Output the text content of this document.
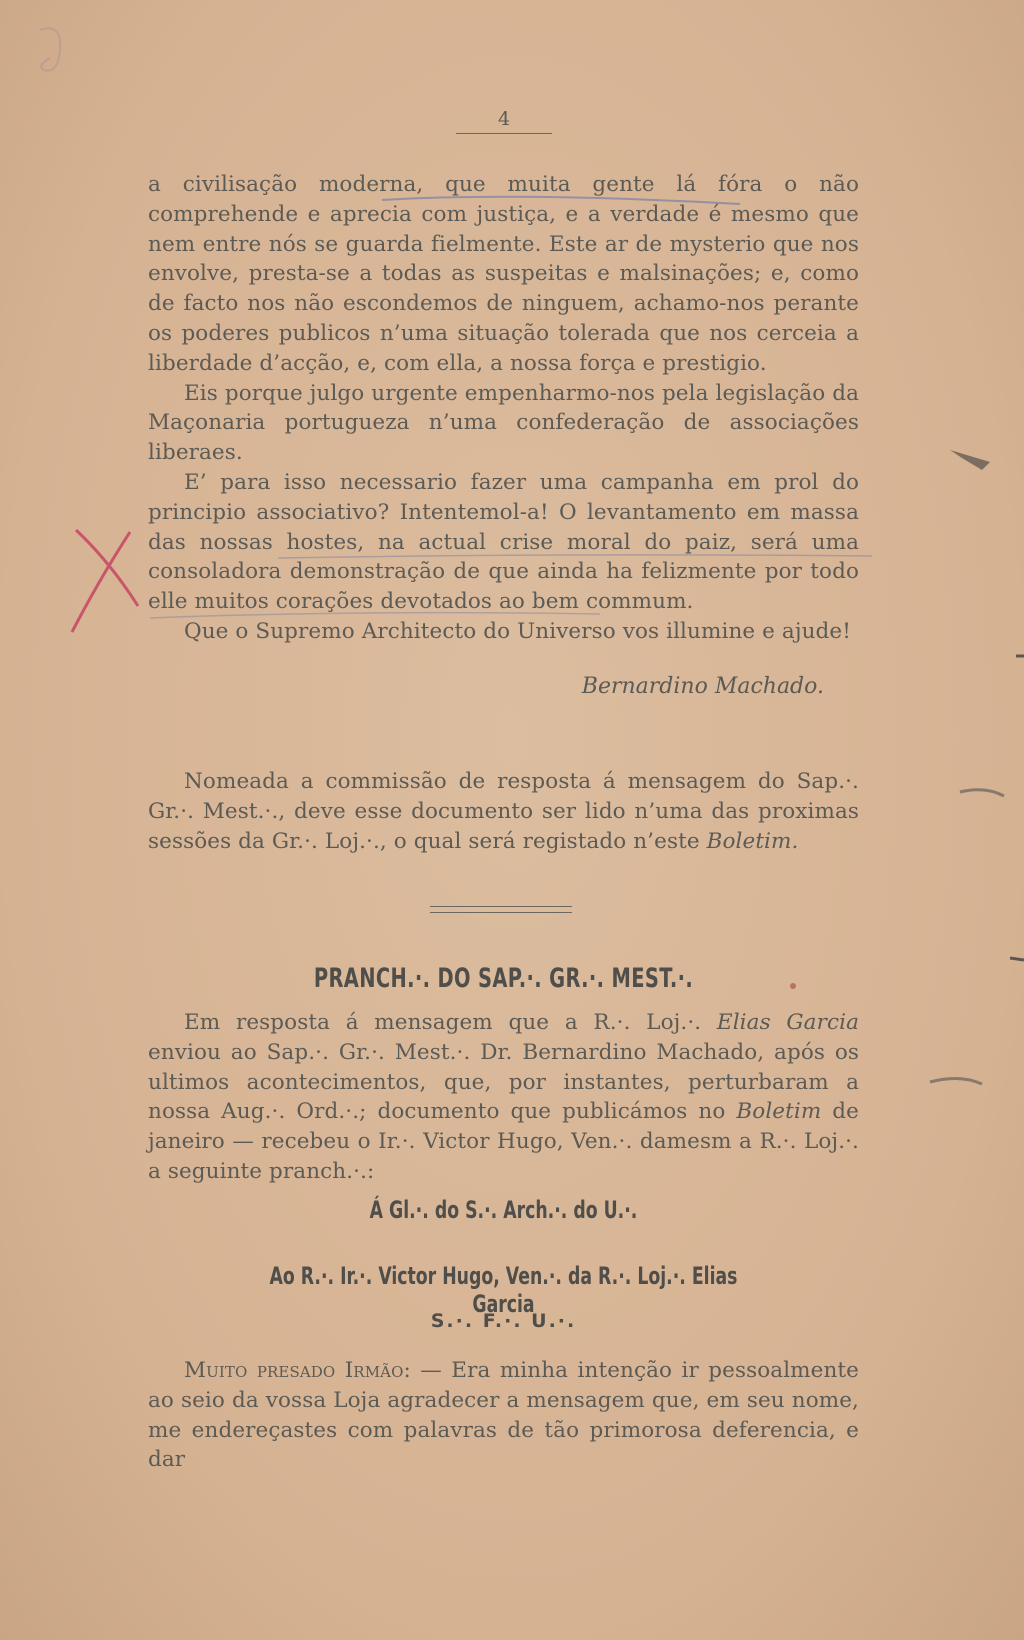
4

a civilisação moderna, que muita gente lá fóra o não comprehende e aprecia com justiça, e a verdade é mesmo que nem entre nós se guarda fielmente. Este ar de mysterio que nos envolve, presta-se a todas as suspeitas e malsinações; e, como de facto nos não escondemos de ninguem, achamo-nos perante os poderes publicos n’uma situação tolerada que nos cerceia a liberdade d’acção, e, com ella, a nossa força e prestigio.

Eis porque julgo urgente empenharmo-nos pela legislação da Maçonaria portugueza n’uma confederação de associações liberaes.

E’ para isso necessario fazer uma campanha em prol do principio associativo? Intentemol-a! O levantamento em massa das nossas hostes, na actual crise moral do paiz, será uma consoladora demonstração de que ainda ha felizmente por todo elle muitos corações devotados ao bem commum.

Que o Supremo Architecto do Universo vos illumine e ajude!

Bernardino Machado.

Nomeada a commissão de resposta á mensagem do Sap.·. Gr.·. Mest.·., deve esse documento ser lido n’uma das proximas sessões da Gr.·. Loj.·., o qual será registado n’este Boletim.

PRANCH.·. DO SAP.·. GR.·. MEST.·.

Em resposta á mensagem que a R.·. Loj.·. Elias Garcia enviou ao Sap.·. Gr.·. Mest.·. Dr. Bernardino Machado, após os ultimos acontecimentos, que, por instantes, perturbaram a nossa Aug.·. Ord.·.; documento que publicámos no Boletim de janeiro — recebeu o Ir.·. Victor Hugo, Ven.·. damesm a R.·. Loj.·. a seguinte pranch.·.:

Á Gl.·. do S.·. Arch.·. do U.·.
Ao R.·. Ir.·. Victor Hugo, Ven.·. da R.·. Loj.·. Elias Garcia
S.·. F.·. U.·.

Muito presado Irmão: — Era minha intenção ir pessoalmente ao seio da vossa Loja agradecer a mensagem que, em seu nome, me endereçastes com palavras de tão primorosa deferencia, e dar
